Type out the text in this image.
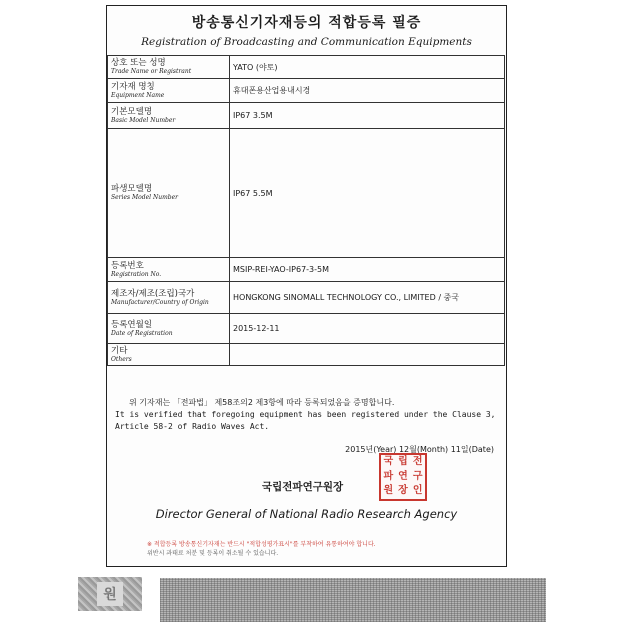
방송통신기자재등의 적합등록 필증
Registration of Broadcasting and Communication Equipments
상호 또는 성명
Trade Name or Registrant	YATO (야토)

기자재 명칭
Equipment Name	휴대폰용산업용내시경

기본모델명
Basic Model Number	IP67 3.5M

파생모델명
Series Model Number	IP67 5.5M

등록번호
Registration No.	MSIP-REI-YAO-IP67-3-5M

제조자/제조(조립)국가
Manufacturer/Country of Origin	HONGKONG SINOMALL TECHNOLOGY CO., LIMITED / 중국

등록연월일
Date of Registration	2015-12-11

기타
Others	

위 기자재는 「전파법」 제58조의2 제3항에 따라 등록되었음을 증명합니다.
It is verified that foregoing equipment has been registered under the Clause 3,
Article 58-2 of Radio Waves Act.
2015년(Year) 12월(Month) 11일(Date)
국립전파연구원장
국 립 전
파 연 구
원 장 인
Director General of National Radio Research Agency
※ 적합등록 방송통신기자재는 반드시 "적합성평가표시"를 부착하여 유통하여야 합니다.
위반시 과태료 처분 및 등록이 취소될 수 있습니다.
원
